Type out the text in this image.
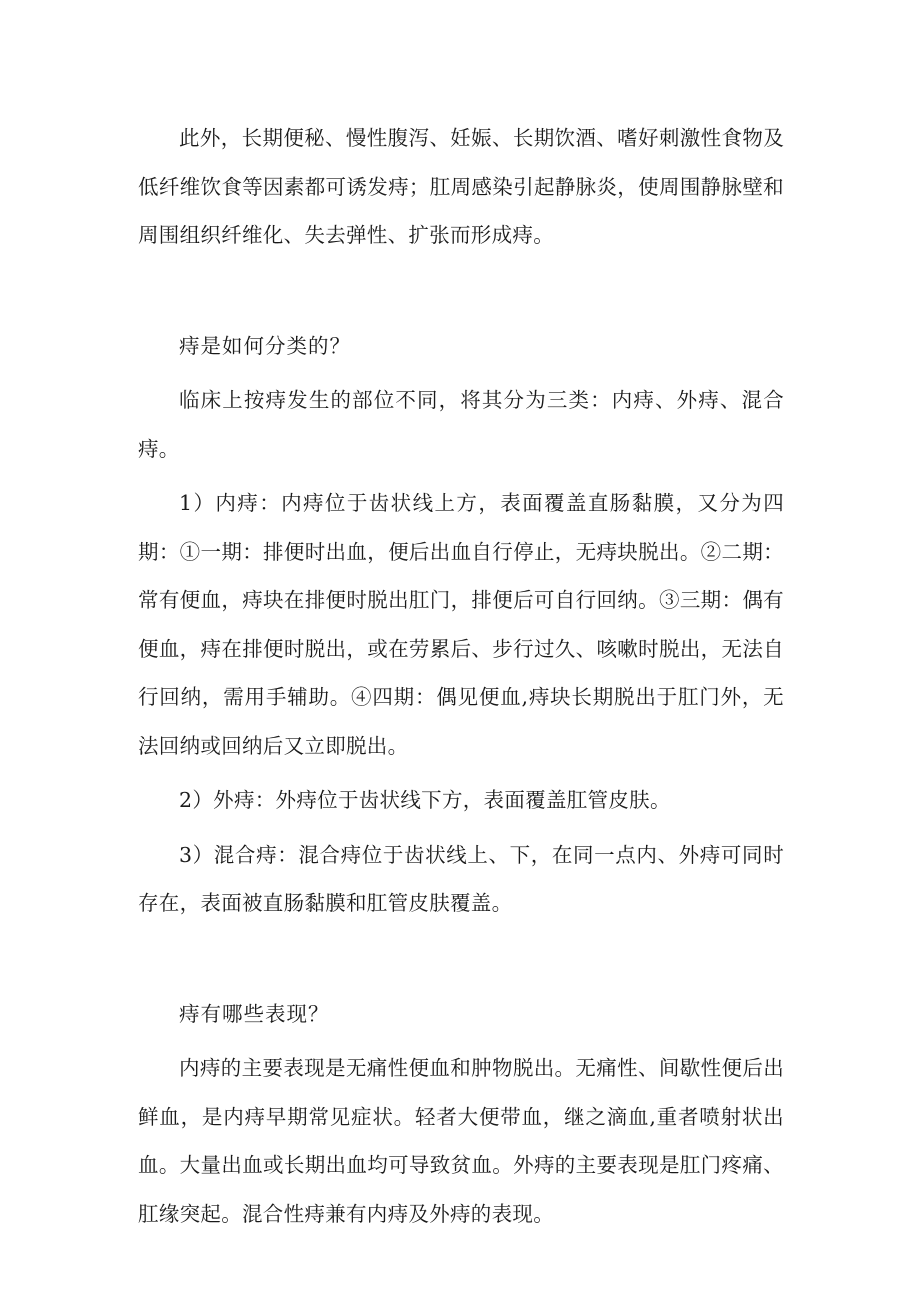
此外，长期便秘、慢性腹泻、妊娠、长期饮酒、嗜好刺激性食物及低纤维饮食等因素都可诱发痔；肛周感染引起静脉炎，使周围静脉壁和周围组织纤维化、失去弹性、扩张而形成痔。

痔是如何分类的？

临床上按痔发生的部位不同，将其分为三类：内痔、外痔、混合痔。

1）内痔：内痔位于齿状线上方，表面覆盖直肠黏膜，又分为四期：①一期：排便时出血，便后出血自行停止，无痔块脱出。②二期：常有便血，痔块在排便时脱出肛门，排便后可自行回纳。③三期：偶有便血，痔在排便时脱出，或在劳累后、步行过久、咳嗽时脱出，无法自行回纳，需用手辅助。④四期：偶见便血,痔块长期脱出于肛门外，无法回纳或回纳后又立即脱出。

2）外痔：外痔位于齿状线下方，表面覆盖肛管皮肤。

3）混合痔：混合痔位于齿状线上、下，在同一点内、外痔可同时存在，表面被直肠黏膜和肛管皮肤覆盖。

痔有哪些表现？

内痔的主要表现是无痛性便血和肿物脱出。无痛性、间歇性便后出鲜血，是内痔早期常见症状。轻者大便带血，继之滴血,重者喷射状出血。大量出血或长期出血均可导致贫血。外痔的主要表现是肛门疼痛、肛缘突起。混合性痔兼有内痔及外痔的表现。
